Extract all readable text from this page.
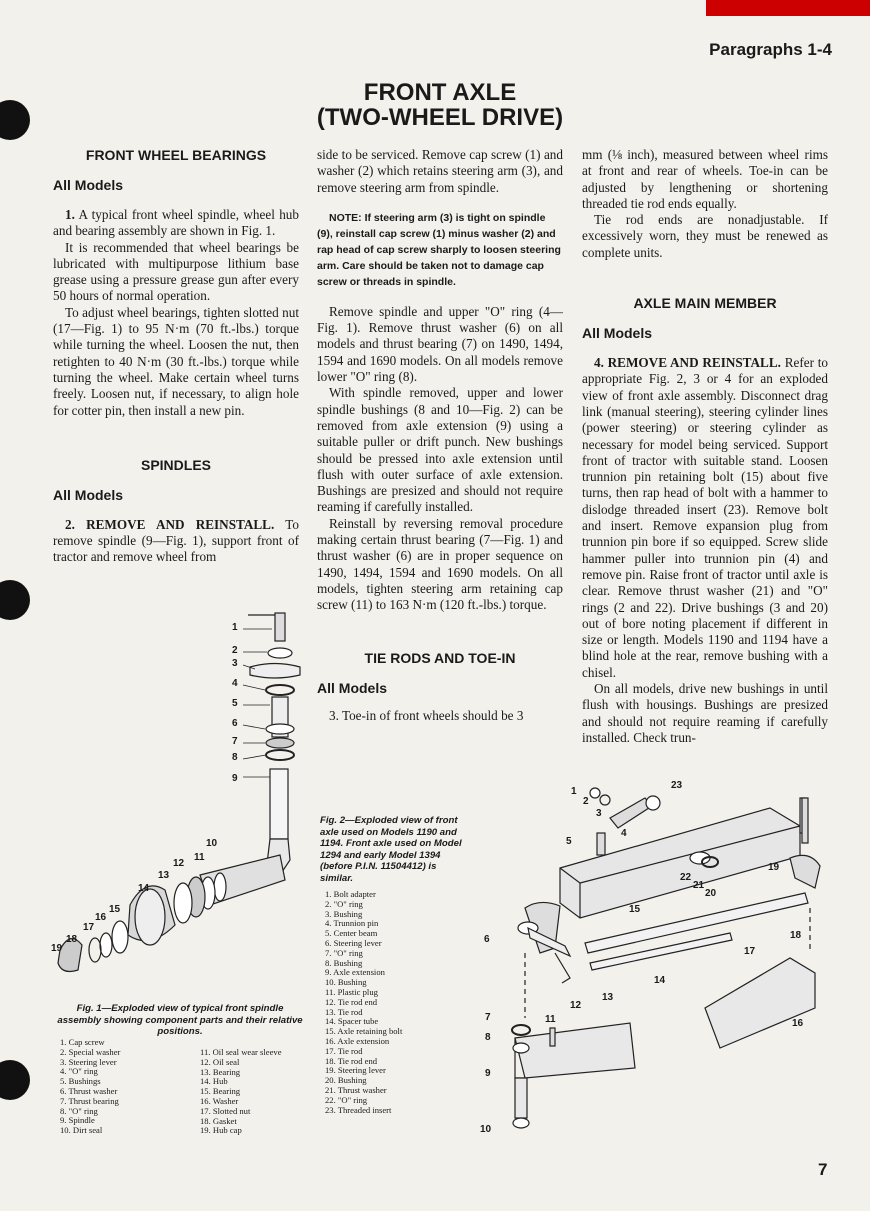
Paragraphs 1-4
FRONT AXLE
(TWO-WHEEL DRIVE)
FRONT WHEEL BEARINGS
All Models

1. A typical front wheel spindle, wheel hub and bearing assembly are shown in Fig. 1.

It is recommended that wheel bearings be lubricated with multipurpose lithium base grease using a pressure grease gun after every 50 hours of normal operation.

To adjust wheel bearings, tighten slotted nut (17—Fig. 1) to 95 N·m (70 ft.-lbs.) torque while turning the wheel. Loosen the nut, then retighten to 40 N·m (30 ft.-lbs.) torque while turning the wheel. Make certain wheel turns freely. Loosen nut, if necessary, to align hole for cotter pin, then install a new pin.

SPINDLES
All Models

2. REMOVE AND REINSTALL. To remove spindle (9—Fig. 1), support front of tractor and remove wheel from

side to be serviced. Remove cap screw (1) and washer (2) which retains steering arm (3), and remove steering arm from spindle.
NOTE: If steering arm (3) is tight on spindle (9), reinstall cap screw (1) minus washer (2) and rap head of cap screw sharply to loosen steering arm. Care should be taken not to damage cap screw or threads in spindle.

Remove spindle and upper "O" ring (4—Fig. 1). Remove thrust washer (6) on all models and thrust bearing (7) on 1490, 1494, 1594 and 1690 models. On all models remove lower "O" ring (8).

With spindle removed, upper and lower spindle bushings (8 and 10—Fig. 2) can be removed from axle extension (9) using a suitable puller or drift punch. New bushings should be pressed into axle extension until flush with outer surface of axle extension. Bushings are presized and should not require reaming if carefully installed.

Reinstall by reversing removal procedure making certain thrust bearing (7—Fig. 1) and thrust washer (6) are in proper sequence on 1490, 1494, 1594 and 1690 models. On all models, tighten steering arm retaining cap screw (11) to 163 N·m (120 ft.-lbs.) torque.

TIE RODS AND TOE-IN
All Models
3. Toe-in of front wheels should be 3
mm (⅛ inch), measured between wheel rims at front and rear of wheels. Toe-in can be adjusted by lengthening or shortening threaded tie rod ends equally.
Tie rod ends are nonadjustable. If excessively worn, they must be renewed as complete units.
AXLE MAIN MEMBER
All Models

4. REMOVE AND REINSTALL. Refer to appropriate Fig. 2, 3 or 4 for an exploded view of front axle assembly. Disconnect drag link (manual steering), steering cylinder lines (power steering) or steering cylinder as necessary for model being serviced. Support front of tractor with suitable stand. Loosen trunnion pin retaining bolt (15) about five turns, then rap head of bolt with a hammer to dislodge threaded insert (23). Remove bolt and insert. Remove expansion plug from trunnion pin bore if so equipped. Screw slide hammer puller into trunnion pin (4) and remove pin. Raise front of tractor until axle is clear. Remove thrust washer (21) and "O" rings (2 and 22). Drive bushings (3 and 20) out of bore noting placement if different in size or length. Models 1190 and 1194 have a blind hole at the rear, remove bushing with a chisel.

On all models, drive new bushings in until flush with housings. Bushings are presized and should not require reaming if carefully installed. Check trun-

1
2
3
4
5
6
7
8
9
10
11
12
13
14
15
16
17
18
19
Fig. 1—Exploded view of typical front spindle assembly showing component parts and their relative positions.
1. Cap screw
2. Special washer
3. Steering lever
4. "O" ring
5. Bushings
6. Thrust washer
7. Thrust bearing
8. "O" ring
9. Spindle
10. Dirt seal
11. Oil seal wear sleeve
12. Oil seal
13. Bearing
14. Hub
15. Bearing
16. Washer
17. Slotted nut
18. Gasket
19. Hub cap
Fig. 2—Exploded view of front axle used on Models 1190 and 1194. Front axle used on Model 1294 and early Model 1394 (before P.I.N. 11504412) is similar.
1. Bolt adapter
2. "O" ring
3. Bushing
4. Trunnion pin
5. Center beam
6. Steering lever
7. "O" ring
8. Bushing
9. Axle extension
10. Bushing
11. Plastic plug
12. Tie rod end
13. Tie rod
14. Spacer tube
15. Axle retaining bolt
16. Axle extension
17. Tie rod
18. Tie rod end
19. Steering lever
20. Bushing
21. Thrust washer
22. "O" ring
23. Threaded insert
1
2
3
4
5
6
7
8
9
10
11
12
13
14
15
16
17
18
19
20
21
22
23
7
